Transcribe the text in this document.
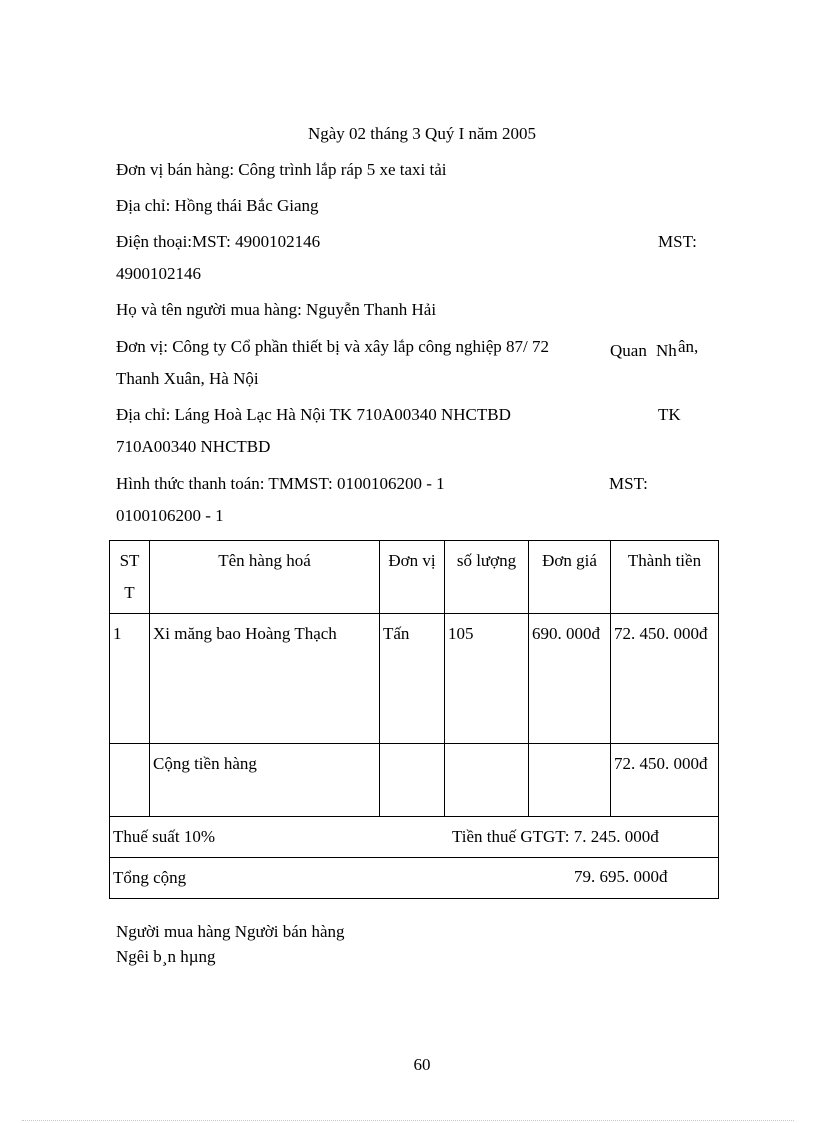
Ngày 02 tháng 3 Quý I năm 2005
Đơn vị bán hàng: Công trình lắp ráp 5 xe taxi tải
Địa chỉ: Hồng thái Bắc Giang
Điện thoại:MST: 4900102146	MST:
4900102146
Họ và tên người mua hàng: Nguyễn Thanh Hải
Đơn vị: Công ty Cổ phần thiết bị và xây lắp công nghiệp 87/ 72	Quan Nh ân,
Thanh Xuân, Hà Nội
Địa chỉ: Láng Hoà Lạc Hà Nội TK 710A00340 NHCTBD	TK
710A00340 NHCTBD
Hình thức thanh toán: TMMST: 0100106200 - 1	MST:
0100106200 - 1
ST T	Tên hàng hoá	Đơn vị	số lượng	Đơn giá	Thành tiền
1	Xi măng bao Hoàng Thạch	Tấn	105	690. 000đ	72. 450. 000đ
	Cộng tiền hàng				72. 450. 000đ
Thuế suất 10% Tiền thuế GTGT: 7. 245. 000đ					

Tổng cộng 79. 695. 000đ					
Người mua hàng Người bán hàng
Ngêi b¸n hµng
60
